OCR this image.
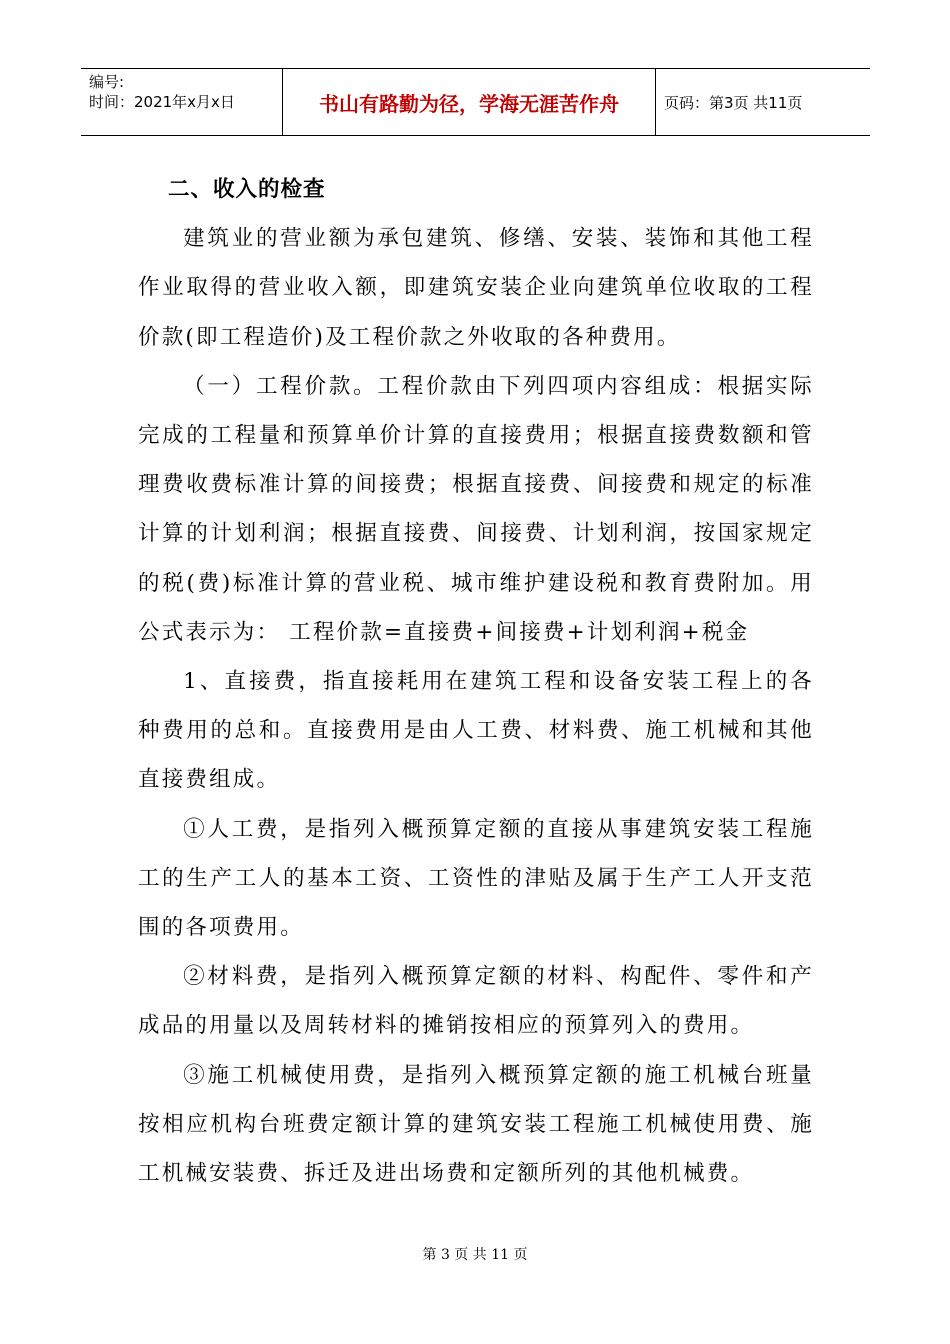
编号:
时间：2021年x月x日	书山有路勤为径，学海无涯苦作舟	页码：第3页 共11页

二、收入的检查

建筑业的营业额为承包建筑、修缮、安装、装饰和其他工程作业取得的营业收入额，即建筑安装企业向建筑单位收取的工程价款(即工程造价)及工程价款之外收取的各种费用。

（一）工程价款。工程价款由下列四项内容组成：根据实际完成的工程量和预算单价计算的直接费用；根据直接费数额和管理费收费标准计算的间接费；根据直接费、间接费和规定的标准计算的计划利润；根据直接费、间接费、计划利润，按国家规定的税(费)标准计算的营业税、城市维护建设税和教育费附加。用公式表示为： 工程价款=直接费+间接费+计划利润+税金

1、直接费，指直接耗用在建筑工程和设备安装工程上的各种费用的总和。直接费用是由人工费、材料费、施工机械和其他直接费组成。

①人工费，是指列入概预算定额的直接从事建筑安装工程施工的生产工人的基本工资、工资性的津贴及属于生产工人开支范围的各项费用。

②材料费，是指列入概预算定额的材料、构配件、零件和产成品的用量以及周转材料的摊销按相应的预算列入的费用。

③施工机械使用费，是指列入概预算定额的施工机械台班量按相应机构台班费定额计算的建筑安装工程施工机械使用费、施工机械安装费、拆迁及进出场费和定额所列的其他机械费。

第 3 页 共 11 页
